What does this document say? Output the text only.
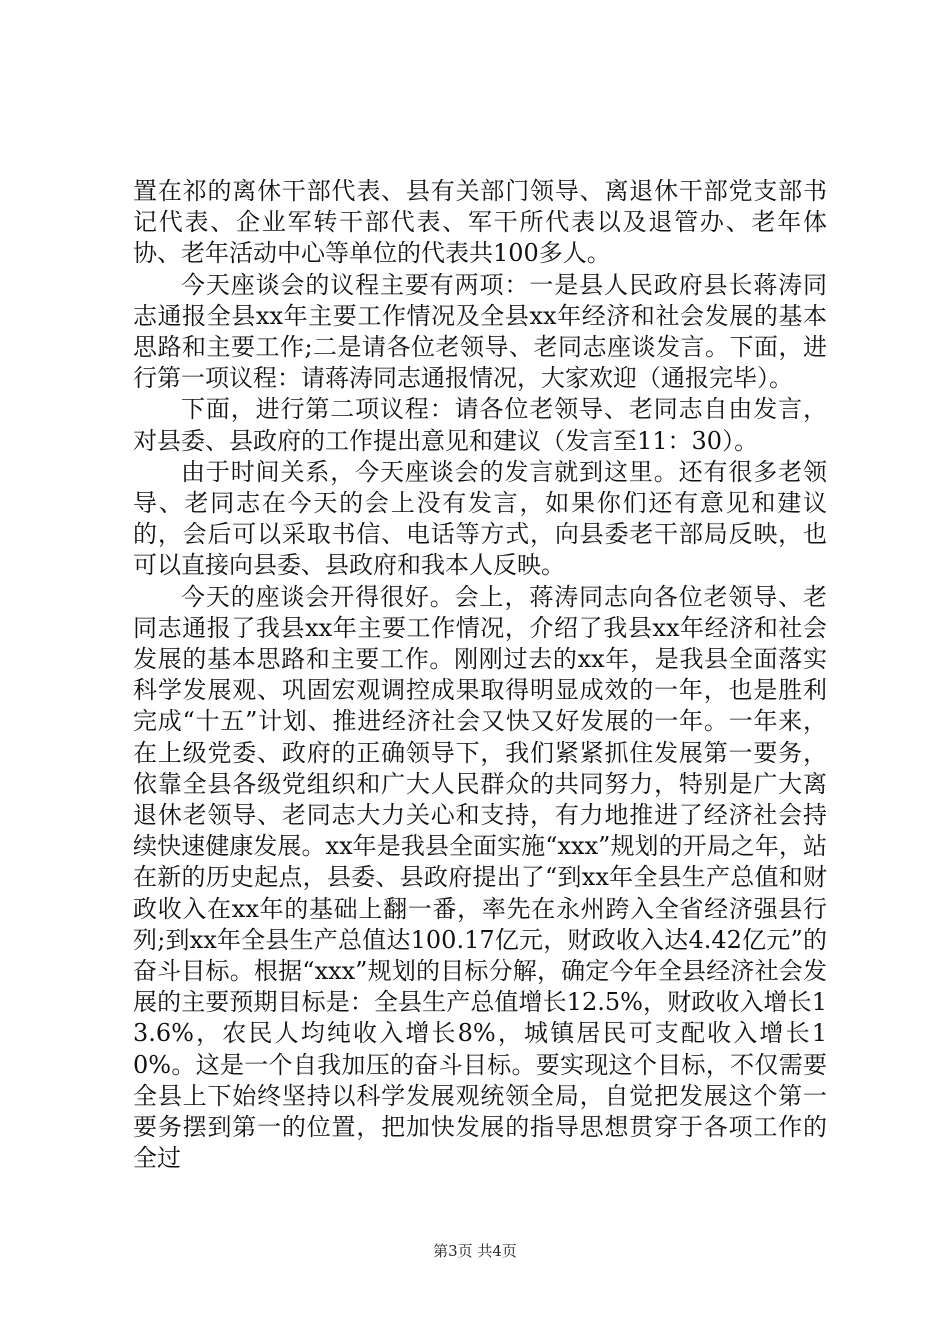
置在祁的离休干部代表、县有关部门领导、离退休干部党支部书记代表、企业军转干部代表、军干所代表以及退管办、老年体协、老年活动中心等单位的代表共100多人。

今天座谈会的议程主要有两项：一是县人民政府县长蒋涛同志通报全县xx年主要工作情况及全县xx年经济和社会发展的基本思路和主要工作;二是请各位老领导、老同志座谈发言。下面，进行第一项议程：请蒋涛同志通报情况，大家欢迎（通报完毕）。

下面，进行第二项议程：请各位老领导、老同志自由发言，对县委、县政府的工作提出意见和建议（发言至11：30）。

由于时间关系，今天座谈会的发言就到这里。还有很多老领导、老同志在今天的会上没有发言，如果你们还有意见和建议的，会后可以采取书信、电话等方式，向县委老干部局反映，也可以直接向县委、县政府和我本人反映。

今天的座谈会开得很好。会上，蒋涛同志向各位老领导、老同志通报了我县xx年主要工作情况，介绍了我县xx年经济和社会发展的基本思路和主要工作。刚刚过去的xx年，是我县全面落实科学发展观、巩固宏观调控成果取得明显成效的一年，也是胜利完成“十五”计划、推进经济社会又快又好发展的一年。一年来，在上级党委、政府的正确领导下，我们紧紧抓住发展第一要务，依靠全县各级党组织和广大人民群众的共同努力，特别是广大离退休老领导、老同志大力关心和支持，有力地推进了经济社会持续快速健康发展。xx年是我县全面实施“xxx”规划的开局之年，站在新的历史起点，县委、县政府提出了“到xx年全县生产总值和财政收入在xx年的基础上翻一番，率先在永州跨入全省经济强县行列;到xx年全县生产总值达100.17亿元，财政收入达4.42亿元”的奋斗目标。根据“xxx”规划的目标分解，确定今年全县经济社会发展的主要预期目标是：全县生产总值增长12.5%，财政收入增长13.6%，农民人均纯收入增长8%，城镇居民可支配收入增长10%。这是一个自我加压的奋斗目标。要实现这个目标，不仅需要全县上下始终坚持以科学发展观统领全局，自觉把发展这个第一要务摆到第一的位置，把加快发展的指导思想贯穿于各项工作的全过

第3页 共4页
